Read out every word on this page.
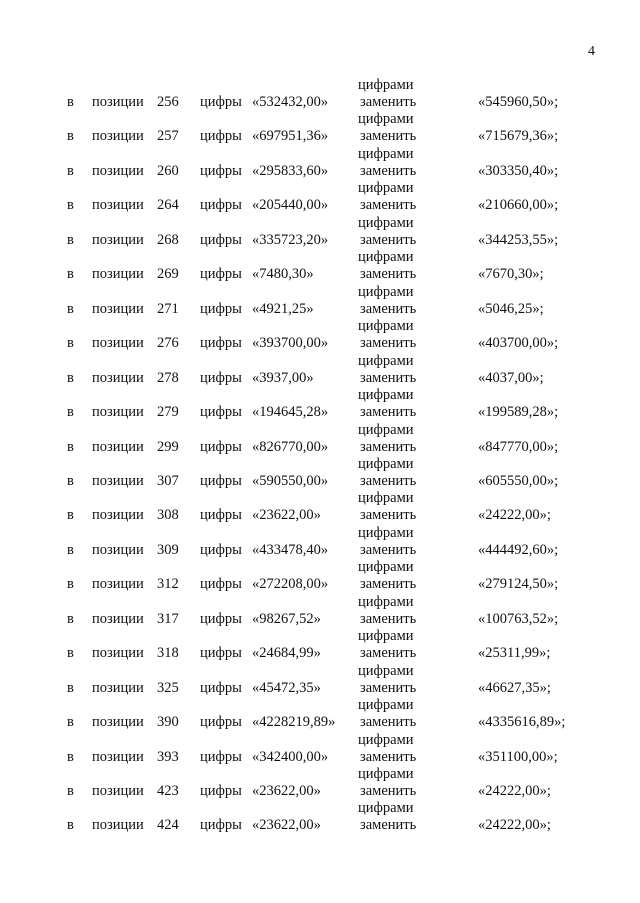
4
цифрами
в позиции 256 цифры «532432,00» заменить	«545960,50»;
цифрами
в позиции 257 цифры «697951,36» заменить	«715679,36»;
цифрами
в позиции 260 цифры «295833,60» заменить	«303350,40»;
цифрами
в позиции 264 цифры «205440,00» заменить	«210660,00»;
цифрами
в позиции 268 цифры «335723,20» заменить	«344253,55»;
цифрами
в позиции 269 цифры «7480,30»	заменить	«7670,30»;
цифрами
в позиции 271 цифры «4921,25»	заменить	«5046,25»;
цифрами
в позиции 276 цифры «393700,00» заменить	«403700,00»;
цифрами
в позиции 278 цифры «3937,00»	заменить	«4037,00»;
цифрами
в позиции 279 цифры «194645,28» заменить	«199589,28»;
цифрами
в позиции 299 цифры «826770,00» заменить	«847770,00»;
цифрами
в позиции 307 цифры «590550,00» заменить	«605550,00»;
цифрами
в позиции 308 цифры «23622,00»	заменить	«24222,00»;
цифрами
в позиции 309 цифры «433478,40» заменить	«444492,60»;
цифрами
в позиции 312 цифры «272208,00» заменить	«279124,50»;
цифрами
в позиции 317 цифры «98267,52»	заменить	«100763,52»;
цифрами
в позиции 318 цифры «24684,99»	заменить	«25311,99»;
цифрами
в позиции 325 цифры «45472,35»	заменить	«46627,35»;
цифрами
в позиции 390 цифры «4228219,89» заменить	«4335616,89»;
цифрами
в позиции 393 цифры «342400,00» заменить	«351100,00»;
цифрами
в позиции 423 цифры «23622,00»	заменить	«24222,00»;
цифрами
в позиции 424 цифры «23622,00»	заменить	«24222,00»;
